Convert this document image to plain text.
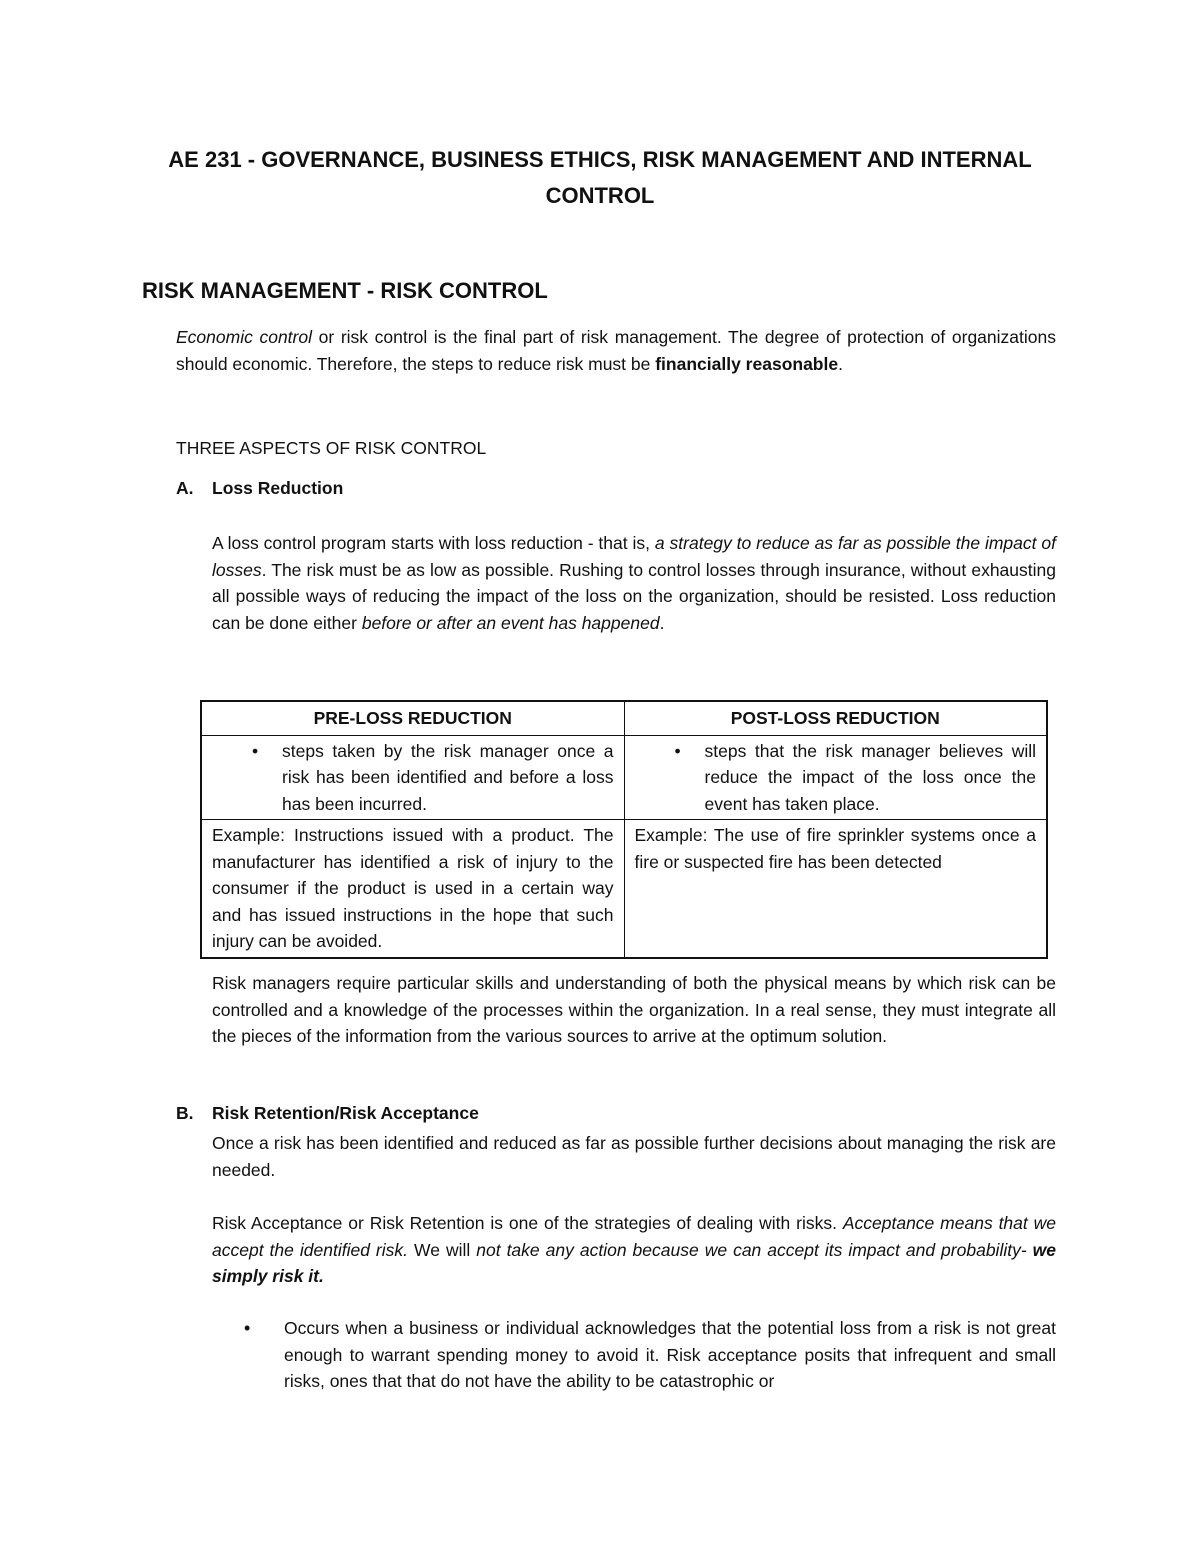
AE 231 - GOVERNANCE, BUSINESS ETHICS, RISK MANAGEMENT AND INTERNAL CONTROL
RISK MANAGEMENT - RISK CONTROL
Economic control or risk control is the final part of risk management. The degree of protection of organizations should economic. Therefore, the steps to reduce risk must be financially reasonable.
THREE ASPECTS OF RISK CONTROL
A. Loss Reduction
A loss control program starts with loss reduction - that is, a strategy to reduce as far as possible the impact of losses. The risk must be as low as possible. Rushing to control losses through insurance, without exhausting all possible ways of reducing the impact of the loss on the organization, should be resisted. Loss reduction can be done either before or after an event has happened.
PRE-LOSS REDUCTION	POST-LOSS REDUCTION

• steps taken by the risk manager once a risk has been identified and before a loss has been incurred.	• steps that the risk manager believes will reduce the impact of the loss once the event has taken place.

Example: Instructions issued with a product. The manufacturer has identified a risk of injury to the consumer if the product is used in a certain way and has issued instructions in the hope that such injury can be avoided.	Example: The use of fire sprinkler systems once a fire or suspected fire has been detected
Risk managers require particular skills and understanding of both the physical means by which risk can be controlled and a knowledge of the processes within the organization. In a real sense, they must integrate all the pieces of the information from the various sources to arrive at the optimum solution.
B. Risk Retention/Risk Acceptance
Once a risk has been identified and reduced as far as possible further decisions about managing the risk are needed.
Risk Acceptance or Risk Retention is one of the strategies of dealing with risks. Acceptance means that we accept the identified risk. We will not take any action because we can accept its impact and probability- we simply risk it.
• Occurs when a business or individual acknowledges that the potential loss from a risk is not great enough to warrant spending money to avoid it. Risk acceptance posits that infrequent and small risks, ones that that do not have the ability to be catastrophic or
